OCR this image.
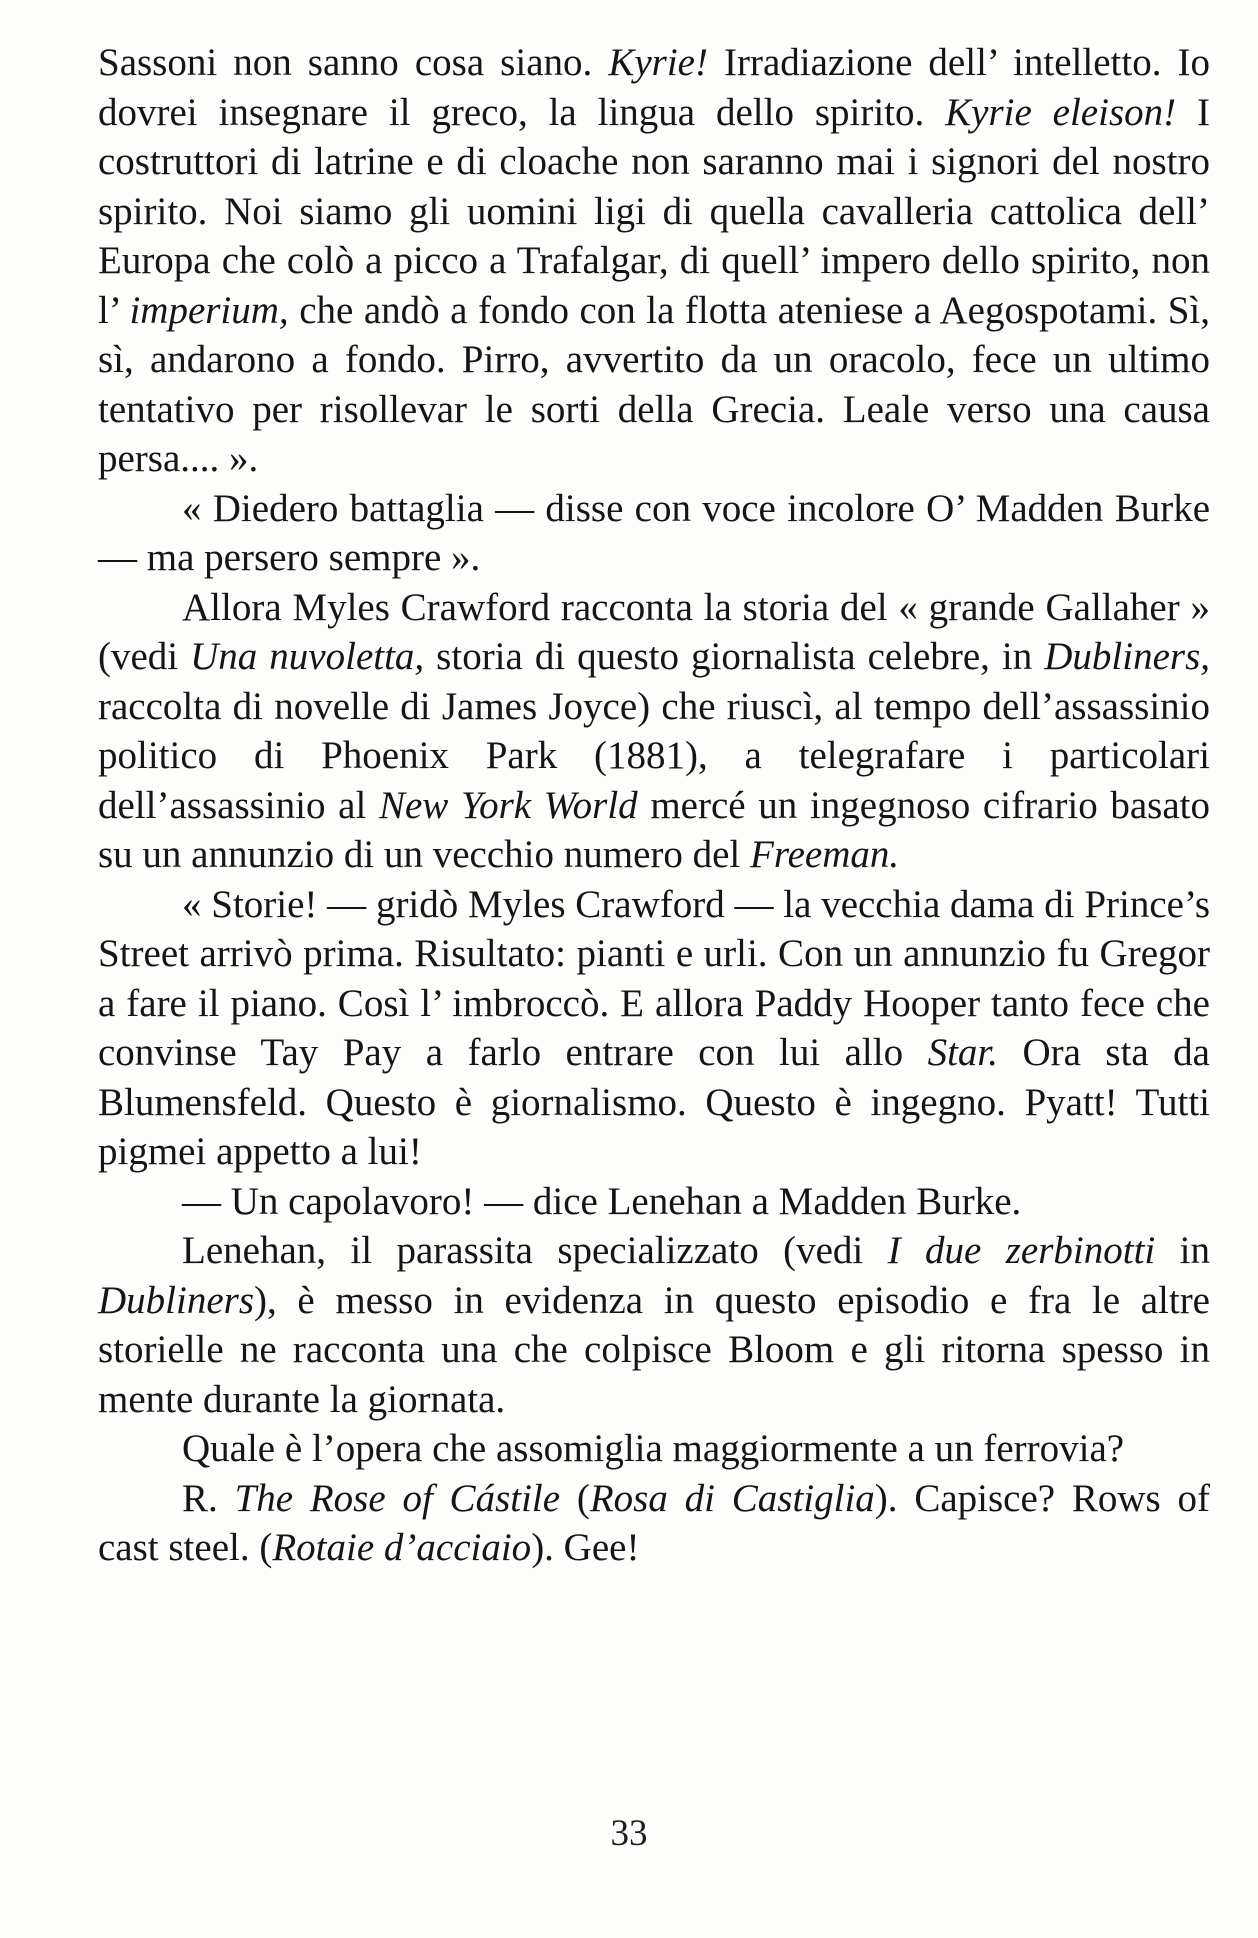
Sassoni non sanno cosa siano. Kyrie! Irradiazione dell’ intelletto. Io dovrei insegnare il greco, la lingua dello spirito. Kyrie eleison! I costruttori di latrine e di cloache non saranno mai i signori del nostro spirito. Noi siamo gli uomini ligi di quella cavalleria cattolica dell’ Europa che colò a picco a Trafalgar, di quell’ impero dello spirito, non l’ imperium, che andò a fondo con la flotta ateniese a Aegospotami. Sì, sì, andarono a fondo. Pirro, avvertito da un oracolo, fece un ultimo tentativo per risollevar le sorti della Grecia. Leale verso una causa persa.... ».

« Diedero battaglia — disse con voce incolore O’ Madden Burke — ma persero sempre ».

Allora Myles Crawford racconta la storia del « grande Gallaher » (vedi Una nuvoletta, storia di questo giornalista celebre, in Dubliners, raccolta di novelle di James Joyce) che riuscì, al tempo dell’assassinio politico di Phoenix Park (1881), a telegrafare i particolari dell’assassinio al New York World mercé un ingegnoso cifrario basato su un annunzio di un vecchio numero del Freeman.

« Storie! — gridò Myles Crawford — la vecchia dama di Prince’s Street arrivò prima. Risultato: pianti e urli. Con un annunzio fu Gregor a fare il piano. Così l’ imbroccò. E allora Paddy Hooper tanto fece che convinse Tay Pay a farlo entrare con lui allo Star. Ora sta da Blumensfeld. Questo è giornalismo. Questo è ingegno. Pyatt! Tutti pigmei appetto a lui!

— Un capolavoro! — dice Lenehan a Madden Burke.

Lenehan, il parassita specializzato (vedi I due zerbinotti in Dubliners), è messo in evidenza in questo episodio e fra le altre storielle ne racconta una che colpisce Bloom e gli ritorna spesso in mente durante la giornata.

Quale è l’opera che assomiglia maggiormente a un ferrovia?

R. The Rose of Cástile (Rosa di Castiglia). Capisce? Rows of cast steel. (Rotaie d’acciaio). Gee!

33
